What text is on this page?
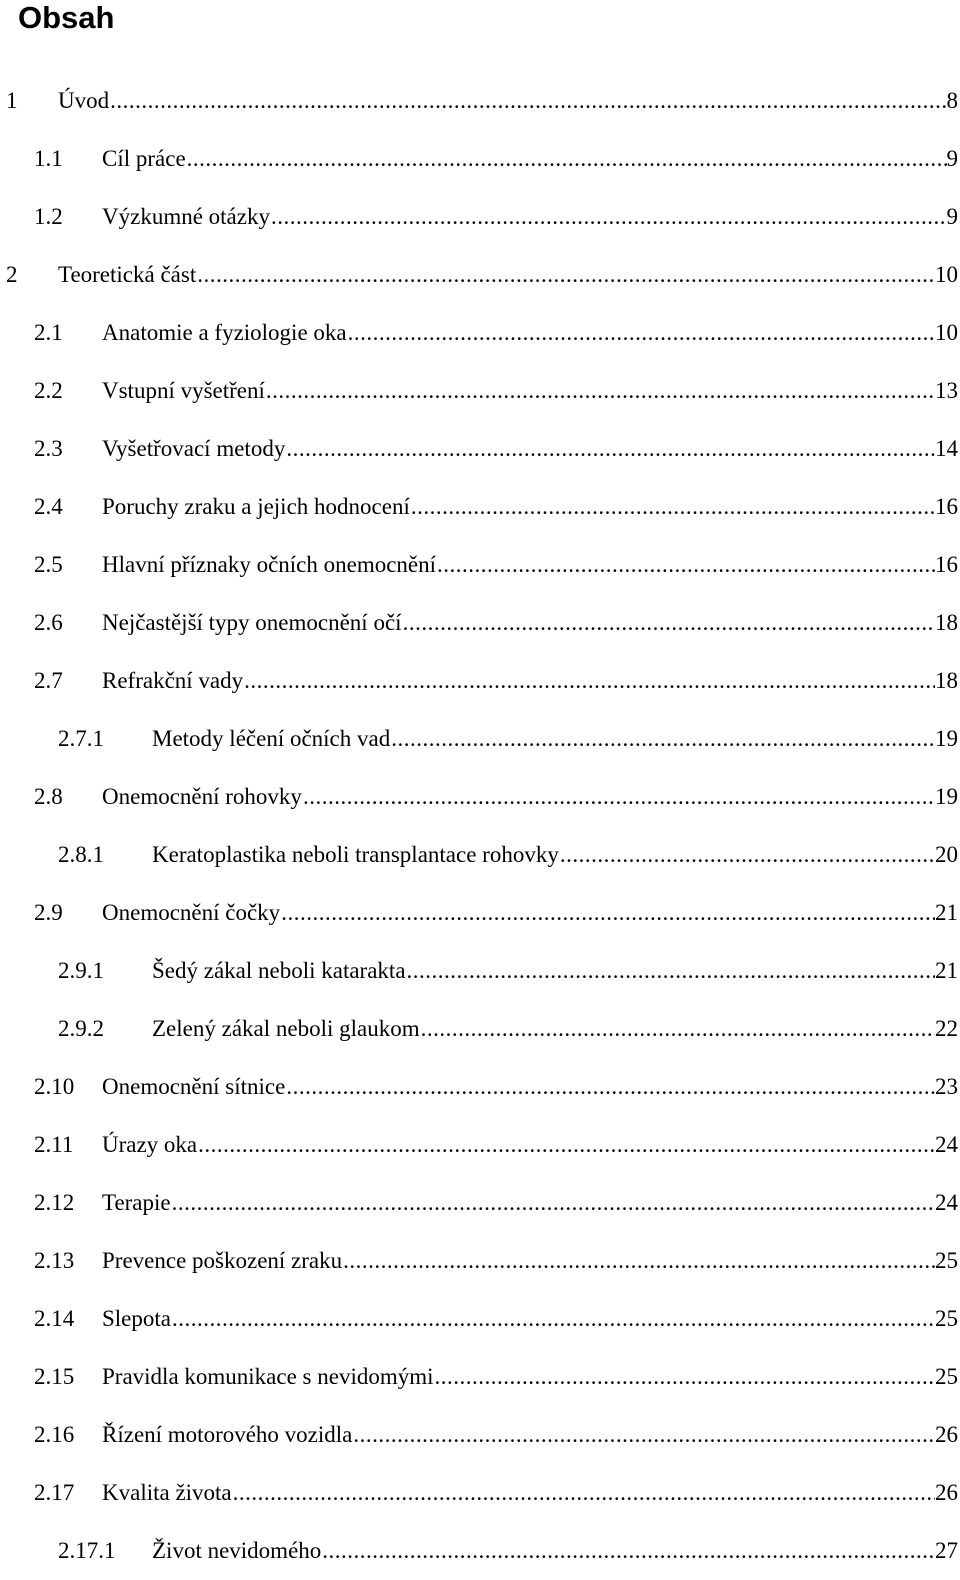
Obsah
1	Úvod .....	8
1.1	Cíl práce .....	9
1.2	Výzkumné otázky .....	9
2	Teoretická část .....	10
2.1	Anatomie a fyziologie oka .....	10
2.2	Vstupní vyšetření .....	13
2.3	Vyšetřovací metody .....	14
2.4	Poruchy zraku a jejich hodnocení .....	16
2.5	Hlavní příznaky očních onemocnění .....	16
2.6	Nejčastější typy onemocnění očí .....	18
2.7	Refrakční vady .....	18
2.7.1	Metody léčení očních vad .....	19
2.8	Onemocnění rohovky .....	19
2.8.1	Keratoplastika neboli transplantace rohovky .....	20
2.9	Onemocnění čočky .....	21
2.9.1	Šedý zákal neboli katarakta .....	21
2.9.2	Zelený zákal neboli glaukom .....	22
2.10	Onemocnění sítnice .....	23
2.11	Úrazy oka .....	24
2.12	Terapie .....	24
2.13	Prevence poškození zraku .....	25
2.14	Slepota .....	25
2.15	Pravidla komunikace s nevidomými .....	25
2.16	Řízení motorového vozidla .....	26
2.17	Kvalita života .....	26
2.17.1	Život nevidomého .....	27
